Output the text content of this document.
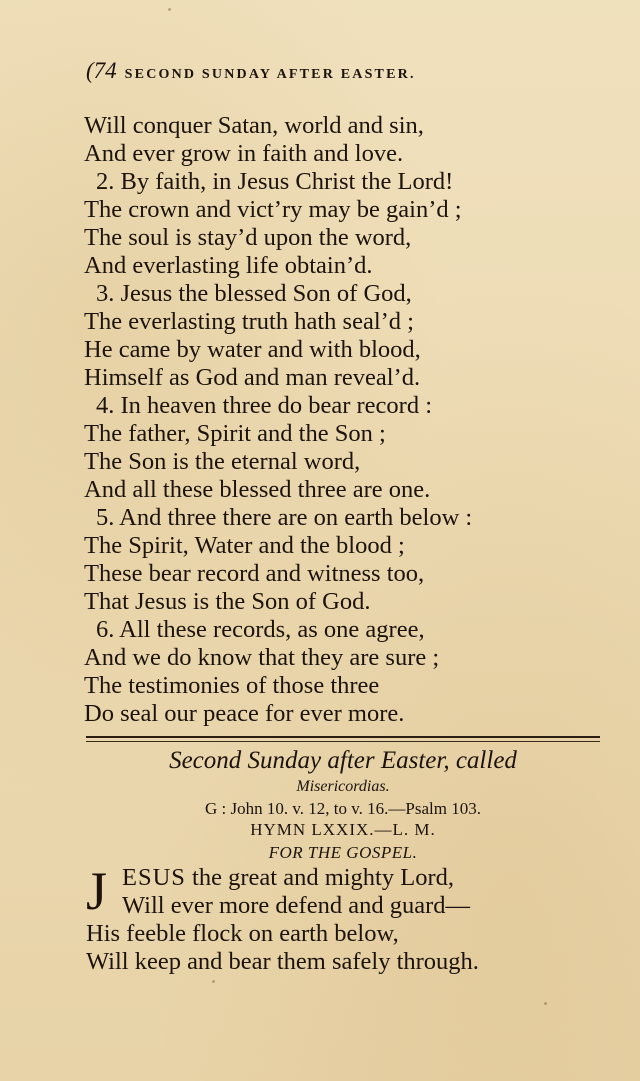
(74 SECOND SUNDAY AFTER EASTER.
Will conquer Satan, world and sin,
And ever grow in faith and love.
2. By faith, in Jesus Christ the Lord!
The crown and vict’ry may be gain’d ;
The soul is stay’d upon the word,
And everlasting life obtain’d.
3. Jesus the blessed Son of God,
The everlasting truth hath seal’d ;
He came by water and with blood,
Himself as God and man reveal’d.
4. In heaven three do bear record :
The father, Spirit and the Son ;
The Son is the eternal word,
And all these blessed three are one.
5. And three there are on earth below :
The Spirit, Water and the blood ;
These bear record and witness too,
That Jesus is the Son of God.
6. All these records, as one agree,
And we do know that they are sure ;
The testimonies of those three
Do seal our peace for ever more.
Second Sunday after Easter, called
Misericordias.
G : John 10. v. 12, to v. 16.—Psalm 103.
HYMN LXXIX.—L. M.
FOR THE GOSPEL.
J ESUS the great and mighty Lord,
Will ever more defend and guard—
His feeble flock on earth below,
Will keep and bear them safely through.
